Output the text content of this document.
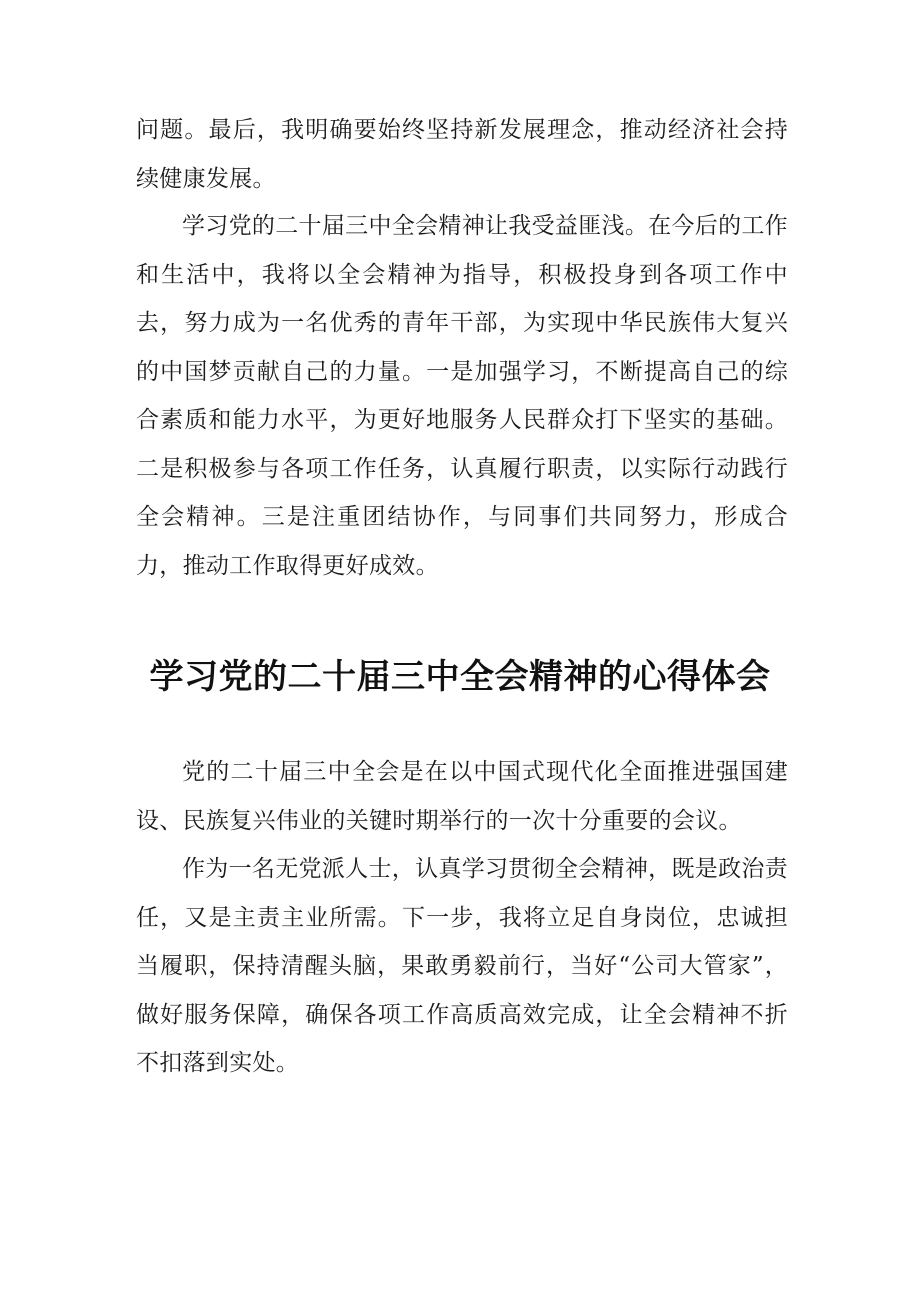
问题。最后，我明确要始终坚持新发展理念，推动经济社会持续健康发展。

学习党的二十届三中全会精神让我受益匪浅。在今后的工作和生活中，我将以全会精神为指导，积极投身到各项工作中去，努力成为一名优秀的青年干部，为实现中华民族伟大复兴的中国梦贡献自己的力量。一是加强学习，不断提高自己的综合素质和能力水平，为更好地服务人民群众打下坚实的基础。二是积极参与各项工作任务，认真履行职责，以实际行动践行全会精神。三是注重团结协作，与同事们共同努力，形成合力，推动工作取得更好成效。

学习党的二十届三中全会精神的心得体会

党的二十届三中全会是在以中国式现代化全面推进强国建设、民族复兴伟业的关键时期举行的一次十分重要的会议。

作为一名无党派人士，认真学习贯彻全会精神，既是政治责任，又是主责主业所需。下一步，我将立足自身岗位，忠诚担当履职，保持清醒头脑，果敢勇毅前行，当好“公司大管家”，做好服务保障，确保各项工作高质高效完成，让全会精神不折不扣落到实处。
